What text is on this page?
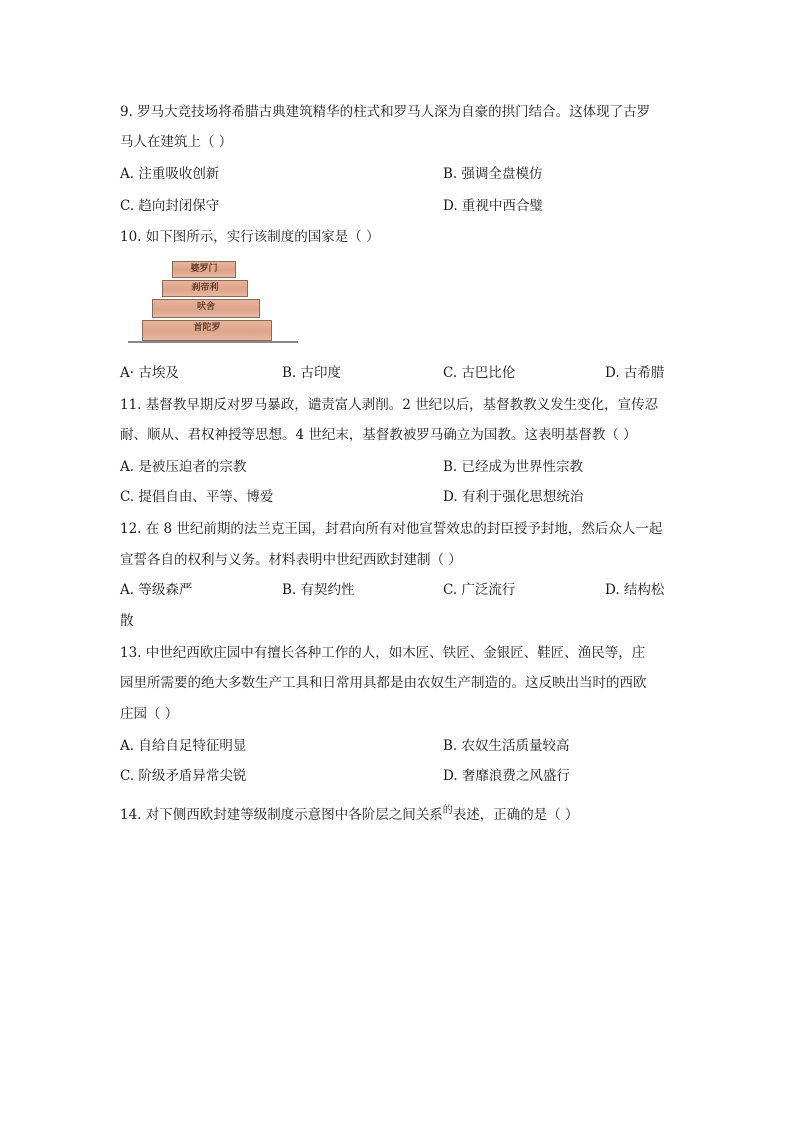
9. 罗马大竞技场将希腊古典建筑精华的柱式和罗马人深为自豪的拱门结合。这体现了古罗
马人在建筑上（ ）
A. 注重吸收创新	B. 强调全盘模仿
C. 趋向封闭保守	D. 重视中西合璧
10. 如下图所示，实行该制度的国家是（ ）
婆罗门
刹帝利
吠舍
首陀罗
A· 古埃及	B. 古印度	C. 古巴比伦	D. 古希腊
11. 基督教早期反对罗马暴政，谴责富人剥削。2 世纪以后，基督教教义发生变化，宣传忍
耐、顺从、君权神授等思想。4 世纪末，基督教被罗马确立为国教。这表明基督教（ ）
A. 是被压迫者的宗教	B. 已经成为世界性宗教
C. 提倡自由、平等、博爱	D. 有利于强化思想统治
12. 在 8 世纪前期的法兰克王国，封君向所有对他宣誓效忠的封臣授予封地，然后众人一起
宣誓各自的权利与义务。材料表明中世纪西欧封建制（ ）
A. 等级森严	B. 有契约性	C. 广泛流行	D. 结构松
散
13. 中世纪西欧庄园中有擅长各种工作的人，如木匠、铁匠、金银匠、鞋匠、渔民等，庄
园里所需要的绝大多数生产工具和日常用具都是由农奴生产制造的。这反映出当时的西欧
庄园（ ）
A. 自给自足特征明显	B. 农奴生活质量较高
C. 阶级矛盾异常尖锐	D. 奢靡浪费之风盛行
14. 对下侧西欧封建等级制度示意图中各阶层之间关系$^的$表述，正确的是（ ）
